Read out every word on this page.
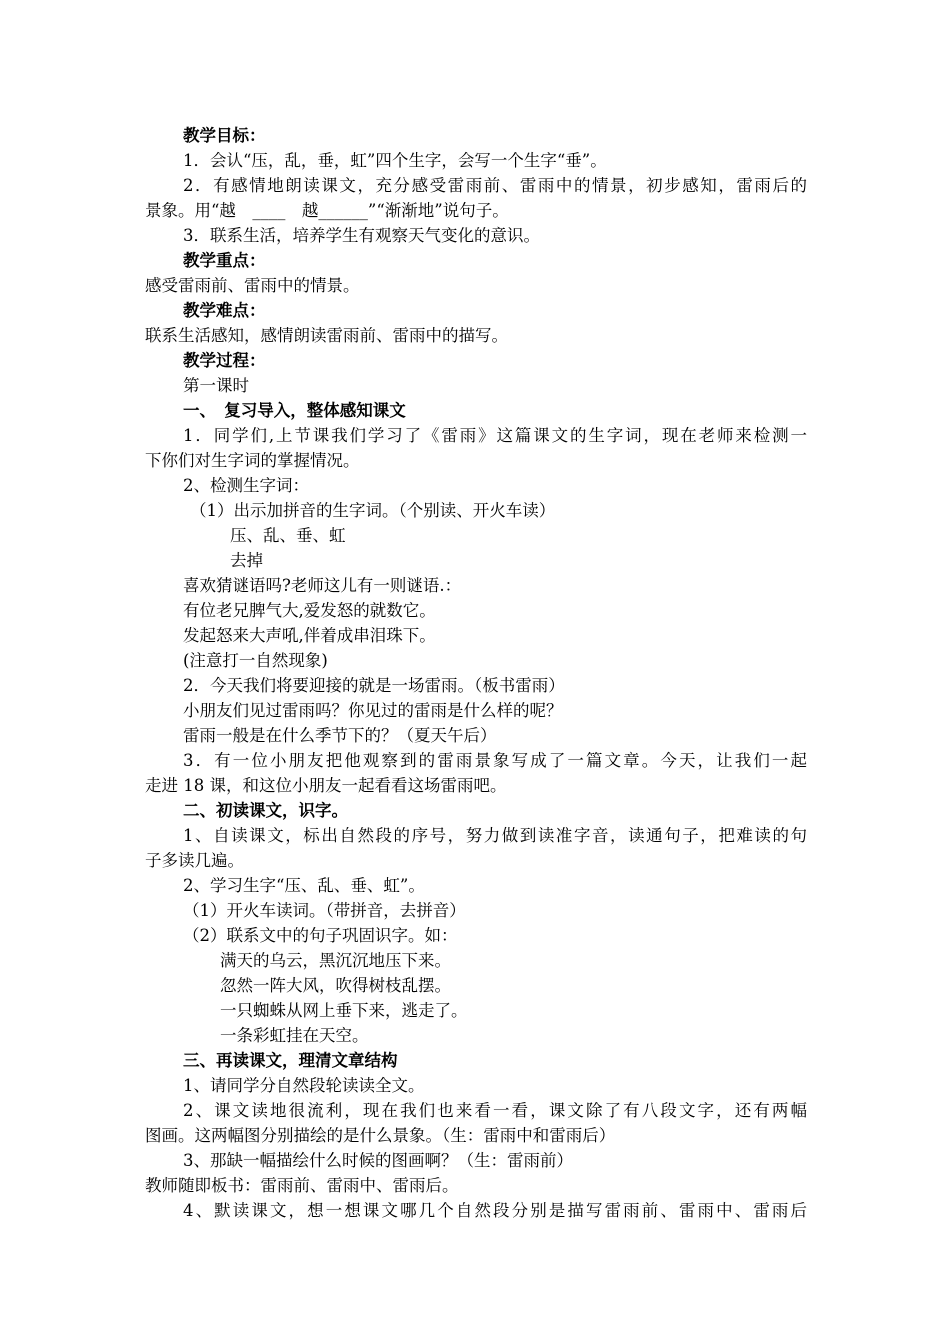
教学目标：

1．会认“压，乱，垂，虹”四个生字，会写一个生字“垂”。

2．有感情地朗读课文，充分感受雷雨前、雷雨中的情景，初步感知，雷雨后的

景象。用“越　____　越______”“渐渐地”说句子。

3．联系生活，培养学生有观察天气变化的意识。

教学重点：

感受雷雨前、雷雨中的情景。

教学难点：

联系生活感知，感情朗读雷雨前、雷雨中的描写。

教学过程：

第一课时

一、　复习导入，整体感知课文

1．同学们,上节课我们学习了《雷雨》这篇课文的生字词，现在老师来检测一

下你们对生字词的掌握情况。

2、检测生字词：

（1）出示加拼音的生字词。（个别读、开火车读）

压、乱、垂、虹

去掉

喜欢猜谜语吗?老师这儿有一则谜语.：

有位老兄脾气大,爱发怒的就数它。

发起怒来大声吼,伴着成串泪珠下。

(注意打一自然现象)

2．今天我们将要迎接的就是一场雷雨。（板书雷雨）

小朋友们见过雷雨吗？你见过的雷雨是什么样的呢？

雷雨一般是在什么季节下的？（夏天午后）

3．有一位小朋友把他观察到的雷雨景象写成了一篇文章。今天，让我们一起

走进 18 课，和这位小朋友一起看看这场雷雨吧。

二、初读课文，识字。

1、自读课文，标出自然段的序号，努力做到读准字音，读通句子，把难读的句

子多读几遍。

2、学习生字“压、乱、垂、虹”。

（1）开火车读词。（带拼音，去拼音）

（2）联系文中的句子巩固识字。如：

满天的乌云，黑沉沉地压下来。

忽然一阵大风，吹得树枝乱摆。

一只蜘蛛从网上垂下来，逃走了。

一条彩虹挂在天空。

三、再读课文，理清文章结构

1、请同学分自然段轮读读全文。

2、课文读地很流利，现在我们也来看一看，课文除了有八段文字，还有两幅

图画。这两幅图分别描绘的是什么景象。（生：雷雨中和雷雨后）

3、那缺一幅描绘什么时候的图画啊？（生：雷雨前）

教师随即板书：雷雨前、雷雨中、雷雨后。

4、默读课文，想一想课文哪几个自然段分别是描写雷雨前、雷雨中、雷雨后
